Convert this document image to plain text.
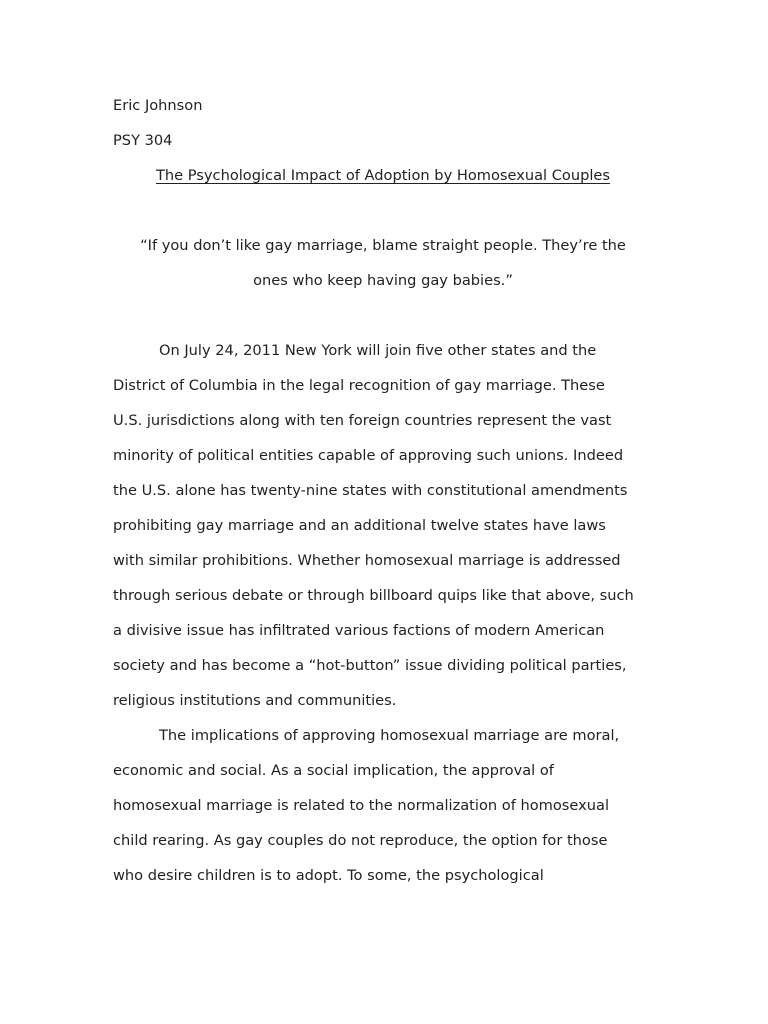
Eric Johnson
PSY 304
The Psychological Impact of Adoption by Homosexual Couples
“If you don’t like gay marriage, blame straight people. They’re the
ones who keep having gay babies.”
On July 24, 2011 New York will join five other states and the
District of Columbia in the legal recognition of gay marriage. These
U.S. jurisdictions along with ten foreign countries represent the vast
minority of political entities capable of approving such unions. Indeed
the U.S. alone has twenty-nine states with constitutional amendments
prohibiting gay marriage and an additional twelve states have laws
with similar prohibitions. Whether homosexual marriage is addressed
through serious debate or through billboard quips like that above, such
a divisive issue has infiltrated various factions of modern American
society and has become a “hot-button” issue dividing political parties,
religious institutions and communities.
The implications of approving homosexual marriage are moral,
economic and social. As a social implication, the approval of
homosexual marriage is related to the normalization of homosexual
child rearing. As gay couples do not reproduce, the option for those
who desire children is to adopt. To some, the psychological
